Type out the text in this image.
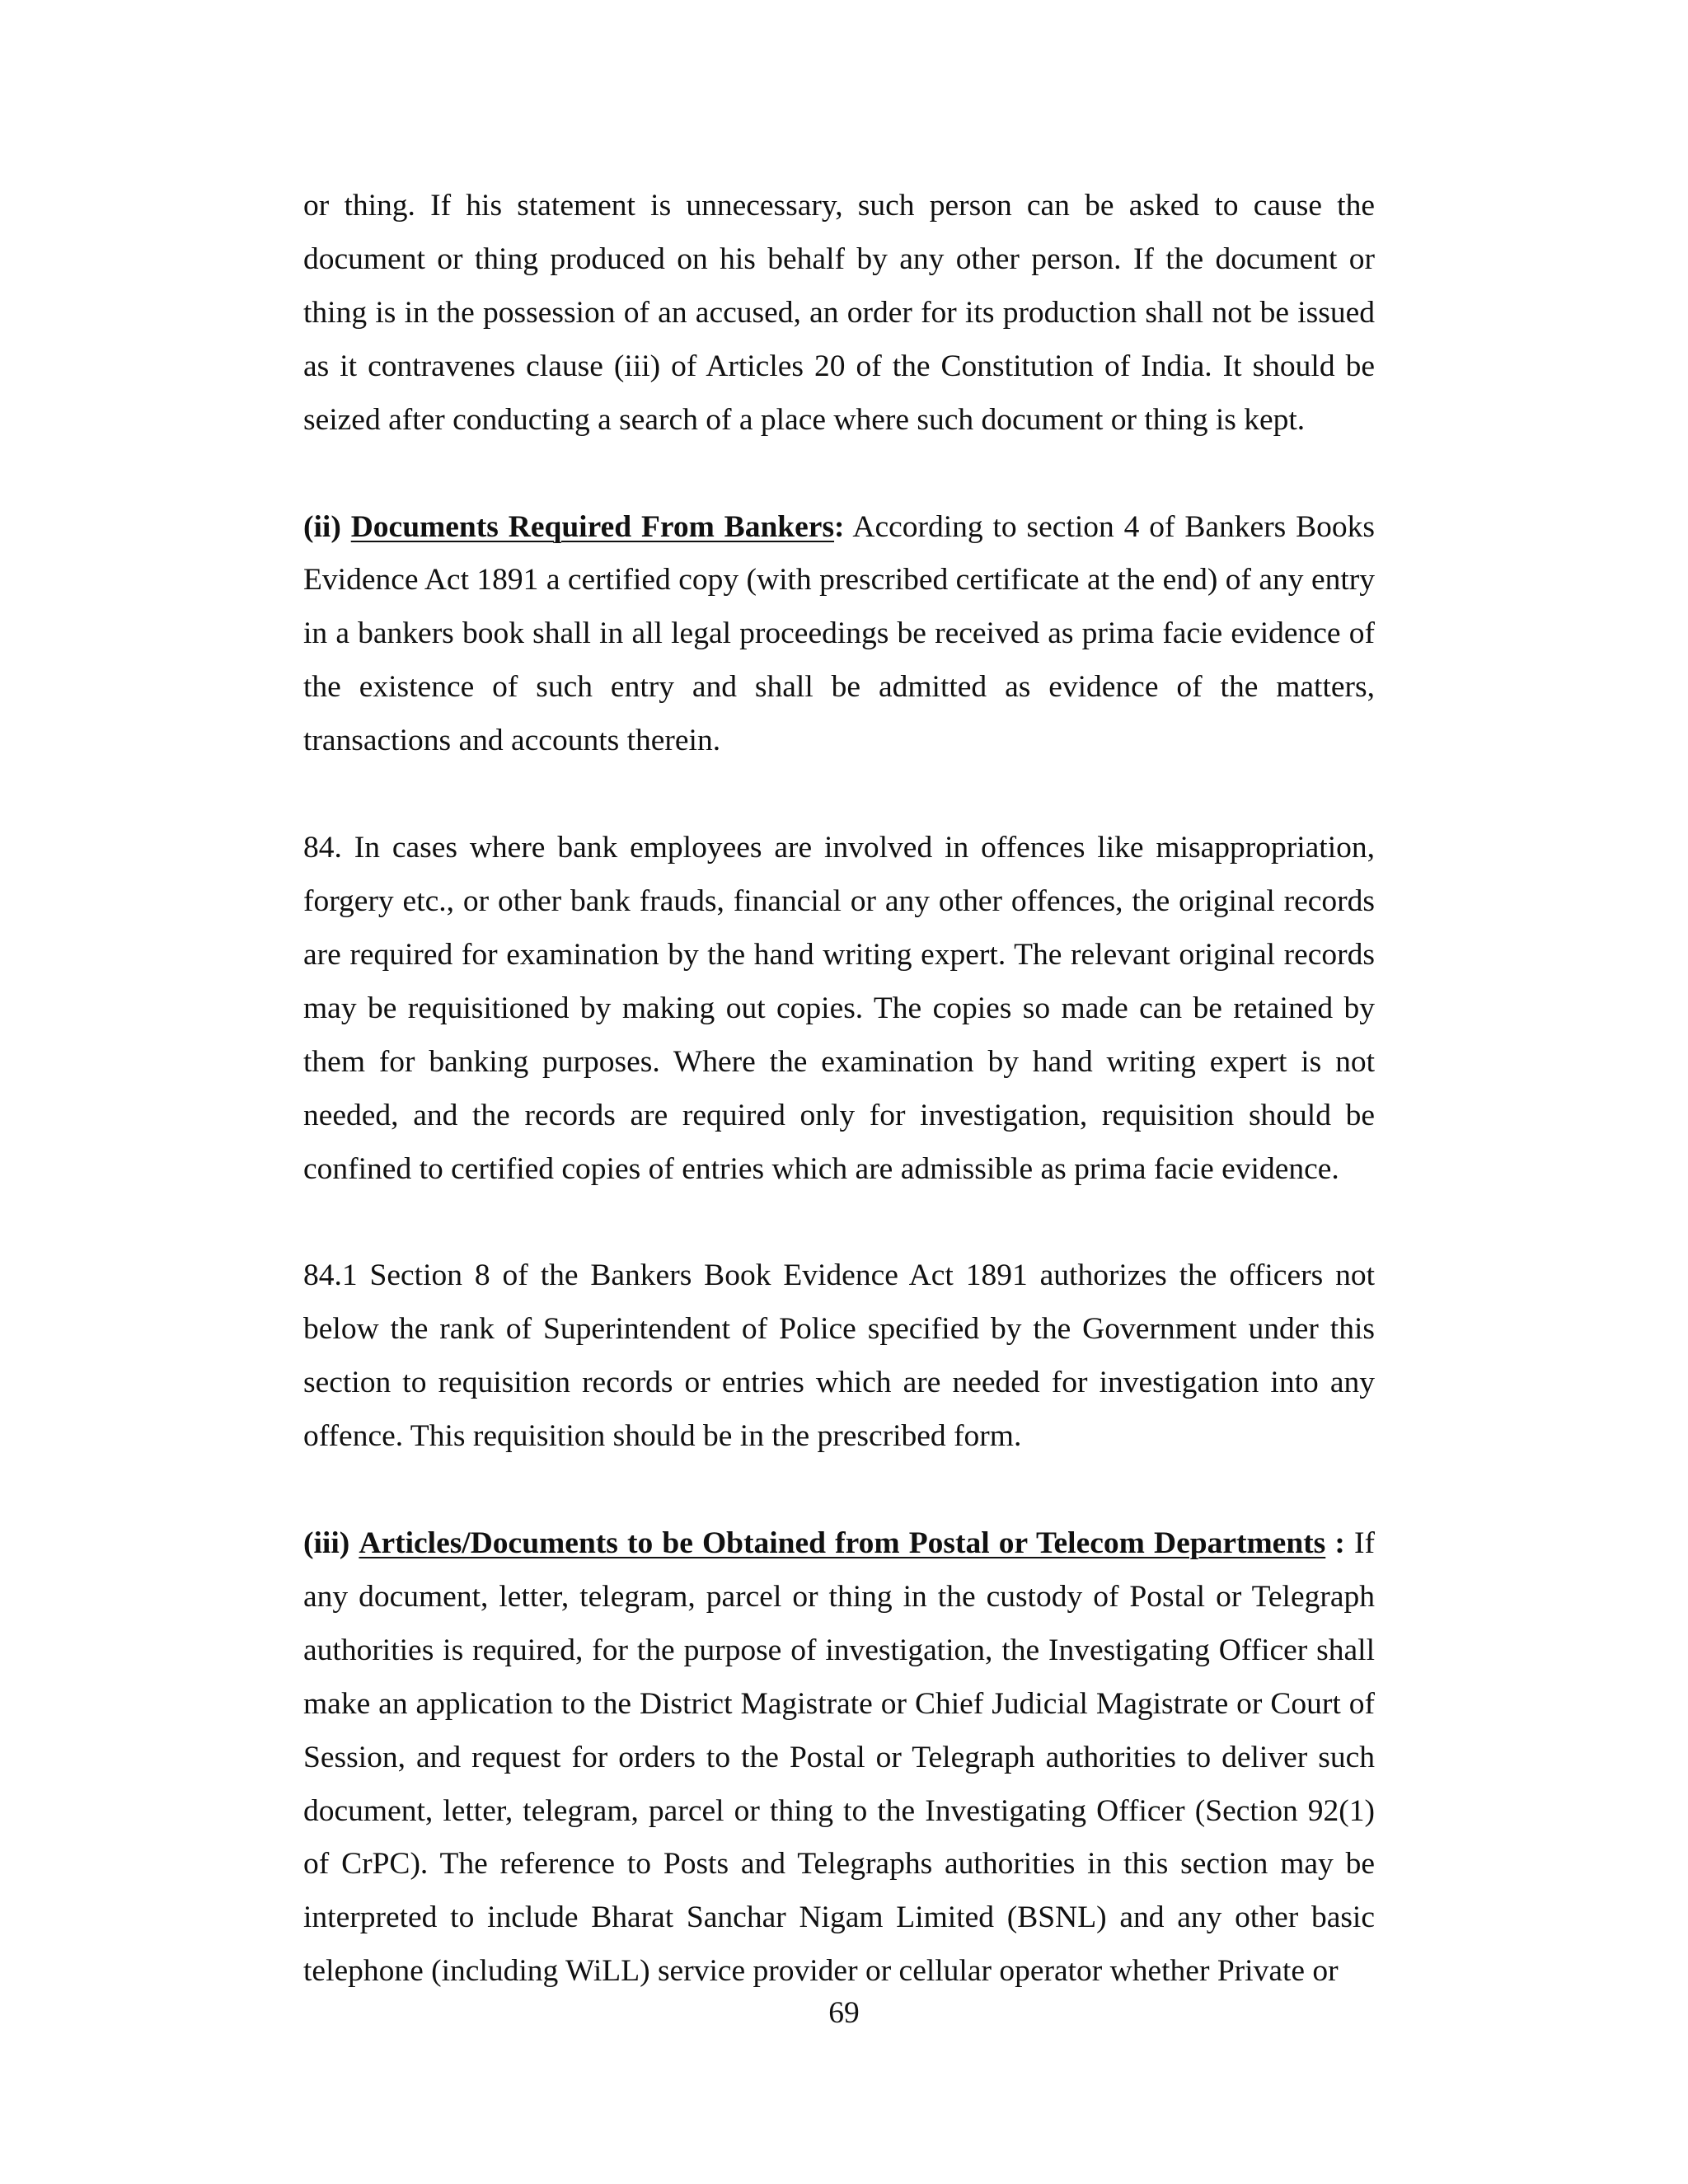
or thing. If his statement is unnecessary, such person can be asked to cause the document or thing produced on his behalf by any other person. If the document or thing is in the possession of an accused, an order for its production shall not be issued as it contravenes clause (iii) of Articles 20 of the Constitution of India. It should be seized after conducting a search of a place where such document or thing is kept.

(ii) Documents Required From Bankers: According to section 4 of Bankers Books Evidence Act 1891 a certified copy (with prescribed certificate at the end) of any entry in a bankers book shall in all legal proceedings be received as prima facie evidence of the existence of such entry and shall be admitted as evidence of the matters, transactions and accounts therein.

84. In cases where bank employees are involved in offences like misappropriation, forgery etc., or other bank frauds, financial or any other offences, the original records are required for examination by the hand writing expert. The relevant original records may be requisitioned by making out copies. The copies so made can be retained by them for banking purposes. Where the examination by hand writing expert is not needed, and the records are required only for investigation, requisition should be confined to certified copies of entries which are admissible as prima facie evidence.

84.1 Section 8 of the Bankers Book Evidence Act 1891 authorizes the officers not below the rank of Superintendent of Police specified by the Government under this section to requisition records or entries which are needed for investigation into any offence. This requisition should be in the prescribed form.

(iii) Articles/Documents to be Obtained from Postal or Telecom Departments : If any document, letter, telegram, parcel or thing in the custody of Postal or Telegraph authorities is required, for the purpose of investigation, the Investigating Officer shall make an application to the District Magistrate or Chief Judicial Magistrate or Court of Session, and request for orders to the Postal or Telegraph authorities to deliver such document, letter, telegram, parcel or thing to the Investigating Officer (Section 92(1) of CrPC). The reference to Posts and Telegraphs authorities in this section may be interpreted to include Bharat Sanchar Nigam Limited (BSNL) and any other basic telephone (including WiLL) service provider or cellular operator whether Private or

69
